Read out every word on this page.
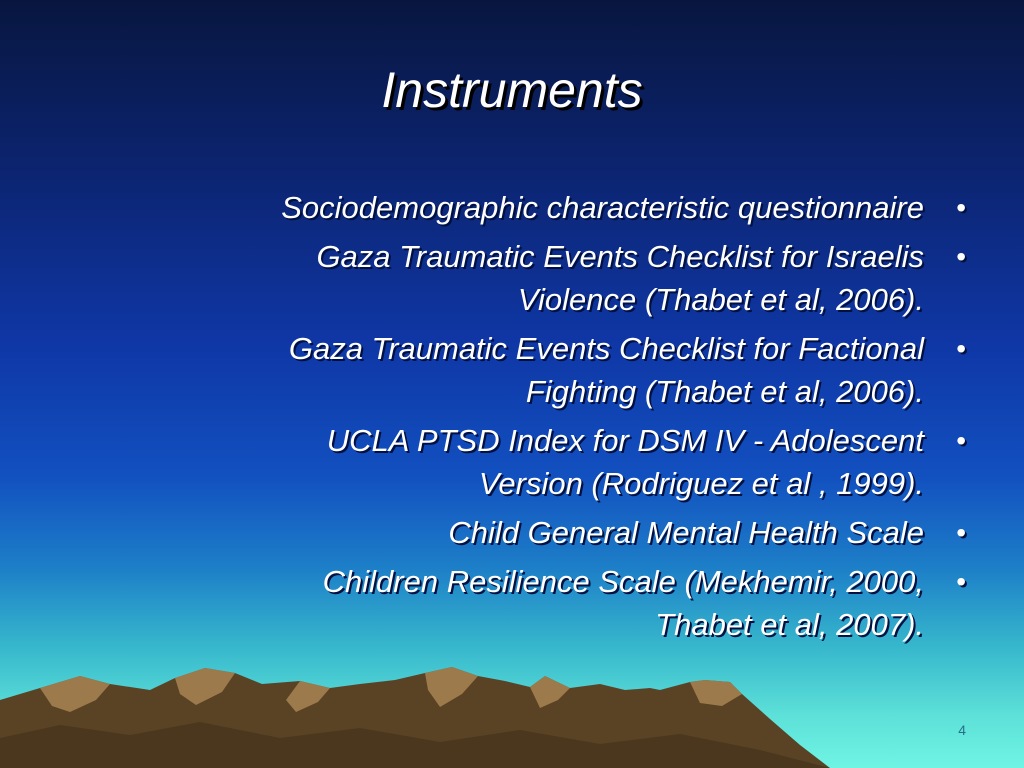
Instruments
•
Sociodemographic characteristic questionnaire
•
Gaza Traumatic Events Checklist for Israelis
Violence (Thabet et al, 2006).
•
Gaza Traumatic Events Checklist for Factional
Fighting (Thabet et al, 2006).
•
UCLA PTSD Index for DSM IV - Adolescent
Version (Rodriguez et al , 1999).
•
Child General Mental Health Scale
•
Children Resilience Scale (Mekhemir, 2000,
Thabet et al, 2007).
4
